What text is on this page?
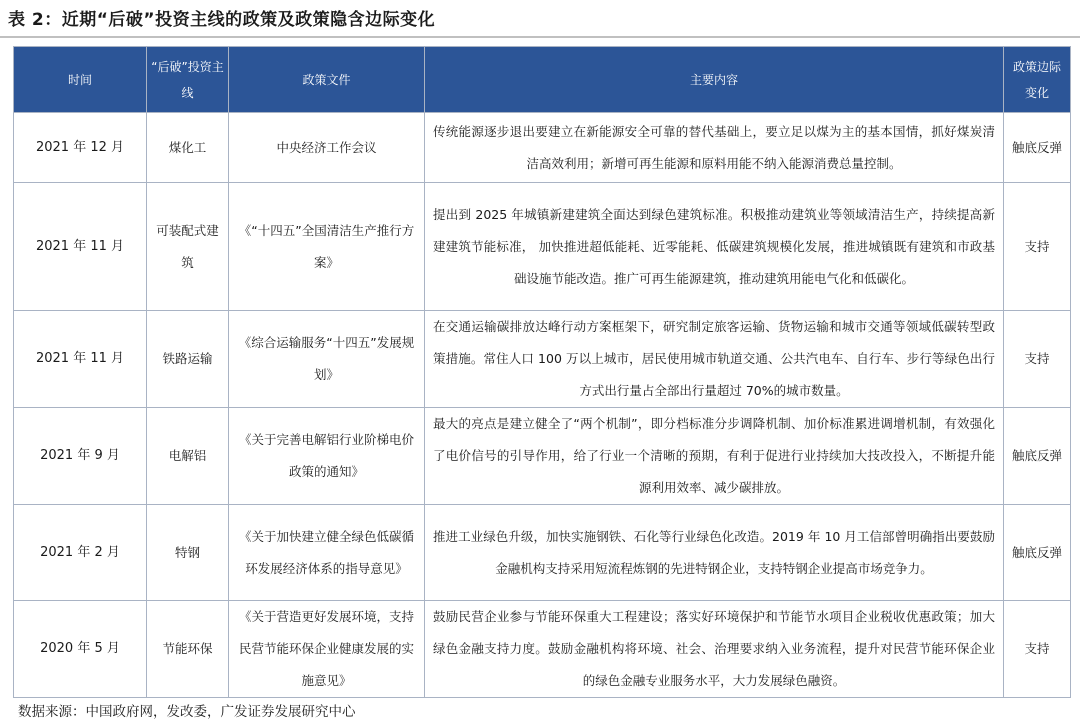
表 2：近期“后破”投资主线的政策及政策隐含边际变化
时间	“后破”投资主线	政策文件	主要内容	政策边际变化
2021 年 12 月	煤化工	中央经济工作会议	传统能源逐步退出要建立在新能源安全可靠的替代基础上，要立足以煤为主的基本国情，抓好煤炭清洁高效利用；新增可再生能源和原料用能不纳入能源消费总量控制。	触底反弹
2021 年 11 月	可装配式建筑	《“十四五”全国清洁生产推行方案》	提出到 2025 年城镇新建建筑全面达到绿色建筑标准。积极推动建筑业等领域清洁生产，持续提高新建建筑节能标准， 加快推进超低能耗、近零能耗、低碳建筑规模化发展，推进城镇既有建筑和市政基础设施节能改造。推广可再生能源建筑，推动建筑用能电气化和低碳化。	支持
2021 年 11 月	铁路运输	《综合运输服务“十四五”发展规划》	在交通运输碳排放达峰行动方案框架下，研究制定旅客运输、货物运输和城市交通等领域低碳转型政策措施。常住人口 100 万以上城市，居民使用城市轨道交通、公共汽电车、自行车、步行等绿色出行方式出行量占全部出行量超过 70%的城市数量。	支持
2021 年 9 月	电解铝	《关于完善电解铝行业阶梯电价政策的通知》	最大的亮点是建立健全了“两个机制”，即分档标准分步调降机制、加价标准累进调增机制，有效强化了电价信号的引导作用，给了行业一个清晰的预期，有利于促进行业持续加大技改投入，不断提升能源利用效率、减少碳排放。	触底反弹
2021 年 2 月	特钢	《关于加快建立健全绿色低碳循环发展经济体系的指导意见》	推进工业绿色升级，加快实施钢铁、石化等行业绿色化改造。2019 年 10 月工信部曾明确指出要鼓励金融机构支持采用短流程炼钢的先进特钢企业，支持特钢企业提高市场竞争力。	触底反弹
2020 年 5 月	节能环保	《关于营造更好发展环境，支持民营节能环保企业健康发展的实施意见》	鼓励民营企业参与节能环保重大工程建设；落实好环境保护和节能节水项目企业税收优惠政策；加大绿色金融支持力度。鼓励金融机构将环境、社会、治理要求纳入业务流程，提升对民营节能环保企业的绿色金融专业服务水平，大力发展绿色融资。	支持
数据来源：中国政府网，发改委，广发证券发展研究中心
